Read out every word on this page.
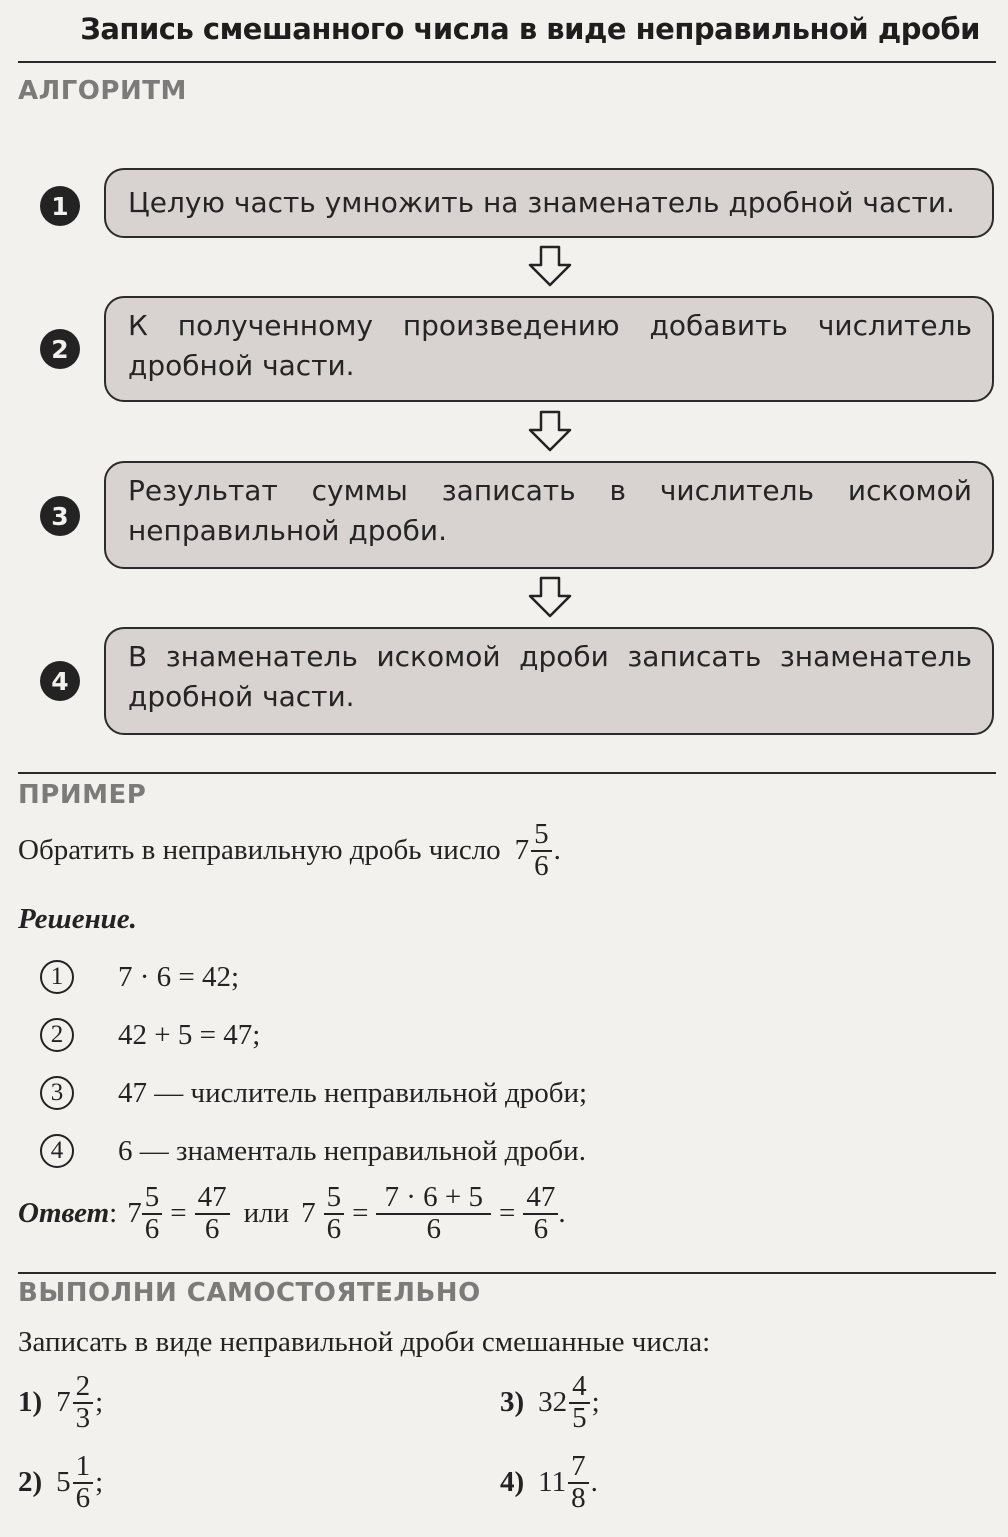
Запись смешанного числа в виде неправильной дроби
АЛГОРИТМ
1	Целую часть умножить на знаменатель дробной части.
2
К полученному произведению добавить числитель дробной части.
3
Результат суммы записать в числитель искомой неправильной дроби.
4
В знаменатель искомой дроби записать знаменатель дробной части.
ПРИМЕР
Обратить в неправильную дробь число $7 \frac{5}{6}$ .
Решение.
1	7 · 6 = 42;
2	42 + 5 = 47;
3	47 — числитель неправильной дроби;
4	6 — знаменталь неправильной дроби.
Ответ : $7 \frac{5}{6} = \frac{47}{6}$ или $7 \frac{5}{6} = \frac{7 \cdot 6 + 5}{6} = \frac{47}{6}$ .
ВЫПОЛНИ САМОСТОЯТЕЛЬНО
Записать в виде неправильной дроби смешанные числа:
1) $7 \frac{2}{3}$ ;
2) $5 \frac{1}{6}$ ;
3) $32 \frac{4}{5}$ ;
4) $11 \frac{7}{8}$ .
